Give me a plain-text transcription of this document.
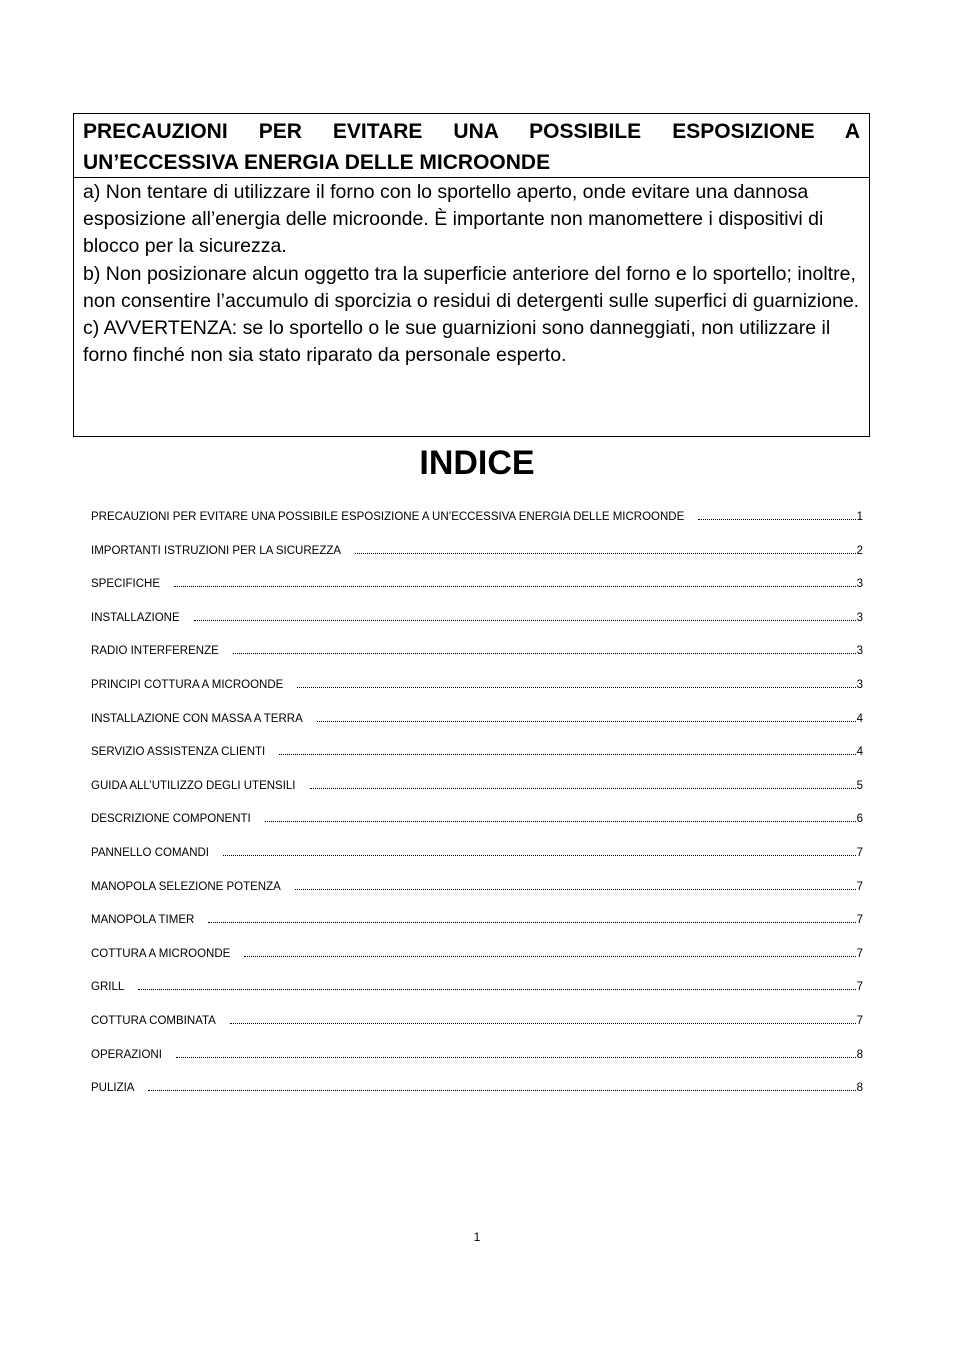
PRECAUZIONI PER EVITARE UNA POSSIBILE ESPOSIZIONE A
UN’ECCESSIVA ENERGIA DELLE MICROONDE

a) Non tentare di utilizzare il forno con lo sportello aperto, onde evitare una dannosa esposizione all’energia delle microonde. È importante non manomettere i dispositivi di blocco per la sicurezza.

b) Non posizionare alcun oggetto tra la superficie anteriore del forno e lo sportello; inoltre, non consentire l’accumulo di sporcizia o residui di detergenti sulle superfici di guarnizione.

c) AVVERTENZA: se lo sportello o le sue guarnizioni sono danneggiati, non utilizzare il forno finché non sia stato riparato da personale esperto.

INDICE
PRECAUZIONI PER EVITARE UNA POSSIBILE ESPOSIZIONE A UN’ECCESSIVA ENERGIA DELLE MICROONDE	1
IMPORTANTI ISTRUZIONI PER LA SICUREZZA	2
SPECIFICHE	3
INSTALLAZIONE	3
RADIO INTERFERENZE	3
PRINCIPI COTTURA A MICROONDE	3
INSTALLAZIONE CON MASSA A TERRA	4
SERVIZIO ASSISTENZA CLIENTI	4
GUIDA ALL’UTILIZZO DEGLI UTENSILI	5
DESCRIZIONE COMPONENTI	6
PANNELLO COMANDI	7
MANOPOLA SELEZIONE POTENZA	7
MANOPOLA TIMER	7
COTTURA A MICROONDE	7
GRILL	7
COTTURA COMBINATA	7
OPERAZIONI	8
PULIZIA	8
1
